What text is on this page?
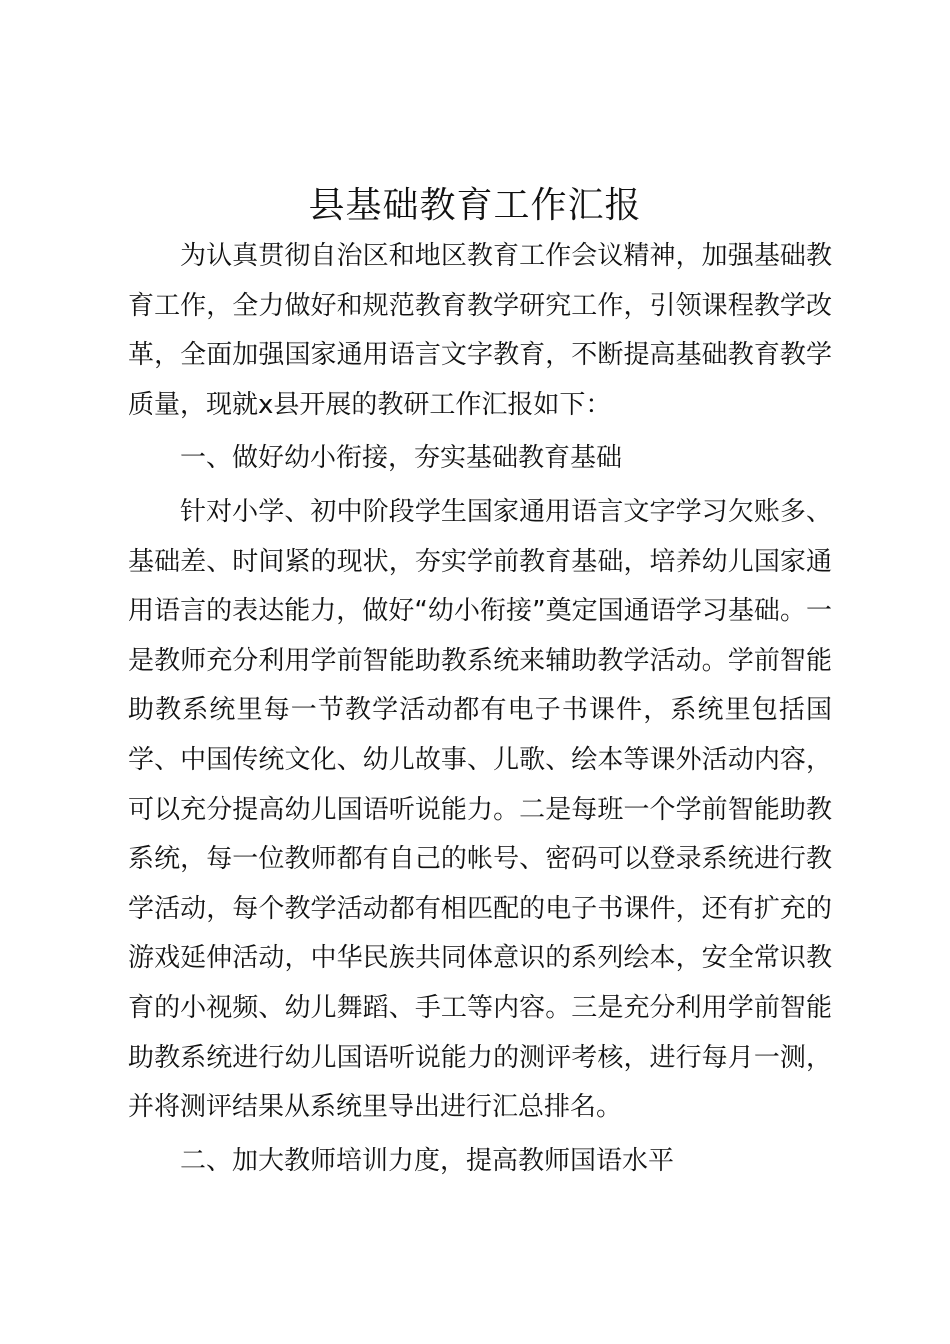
县基础教育工作汇报

为认真贯彻自治区和地区教育工作会议精神，加强基础教育工作，全力做好和规范教育教学研究工作，引领课程教学改革，全面加强国家通用语言文字教育，不断提高基础教育教学质量，现就x县开展的教研工作汇报如下：

一、做好幼小衔接，夯实基础教育基础

针对小学、初中阶段学生国家通用语言文字学习欠账多、基础差、时间紧的现状，夯实学前教育基础，培养幼儿国家通用语言的表达能力，做好“幼小衔接”奠定国通语学习基础。一是教师充分利用学前智能助教系统来辅助教学活动。学前智能助教系统里每一节教学活动都有电子书课件，系统里包括国学、中国传统文化、幼儿故事、儿歌、绘本等课外活动内容，可以充分提高幼儿国语听说能力。二是每班一个学前智能助教系统，每一位教师都有自己的帐号、密码可以登录系统进行教学活动，每个教学活动都有相匹配的电子书课件，还有扩充的游戏延伸活动，中华民族共同体意识的系列绘本，安全常识教育的小视频、幼儿舞蹈、手工等内容。三是充分利用学前智能助教系统进行幼儿国语听说能力的测评考核，进行每月一测，并将测评结果从系统里导出进行汇总排名。

二、加大教师培训力度，提高教师国语水平
